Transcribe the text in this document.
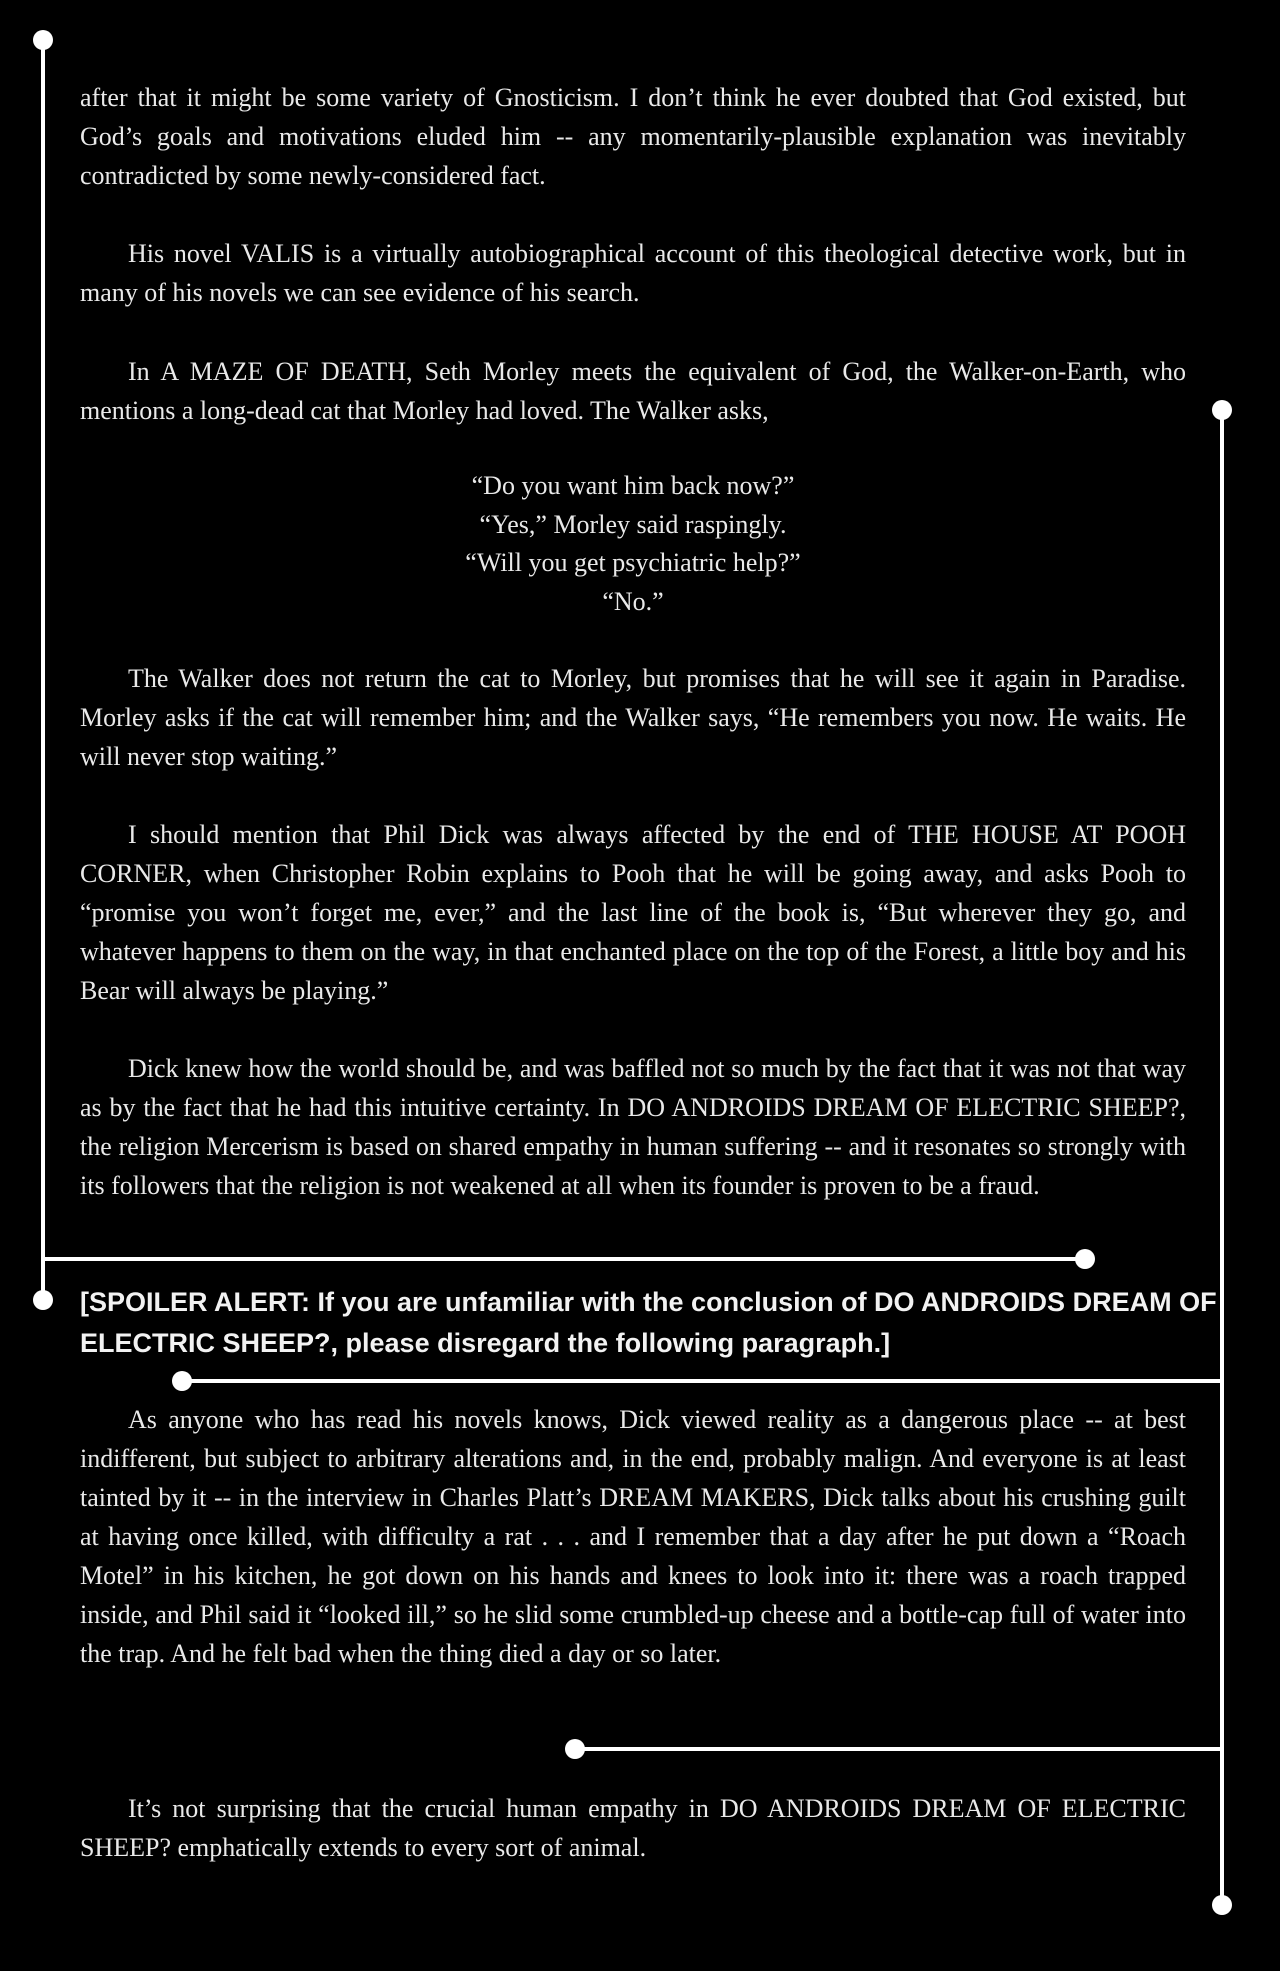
after that it might be some variety of Gnosticism. I don’t think he ever doubted that God existed, but God’s goals and motivations eluded him -- any momentarily-plausible explanation was inevitably contradicted by some newly-considered fact.

His novel VALIS is a virtually autobiographical account of this theological detective work, but in many of his novels we can see evidence of his search.

In A MAZE OF DEATH, Seth Morley meets the equivalent of God, the Walker-on-Earth, who mentions a long-dead cat that Morley had loved. The Walker asks,

“Do you want him back now?”
“Yes,” Morley said raspingly.
“Will you get psychiatric help?”
“No.”

The Walker does not return the cat to Morley, but promises that he will see it again in Paradise. Morley asks if the cat will remember him; and the Walker says, “He remembers you now. He waits. He will never stop waiting.”

I should mention that Phil Dick was always affected by the end of THE HOUSE AT POOH CORNER, when Christopher Robin explains to Pooh that he will be going away, and asks Pooh to “promise you won’t forget me, ever,” and the last line of the book is, “But wherever they go, and whatever happens to them on the way, in that enchanted place on the top of the Forest, a little boy and his Bear will always be playing.”

Dick knew how the world should be, and was baffled not so much by the fact that it was not that way as by the fact that he had this intuitive certainty. In DO ANDROIDS DREAM OF ELECTRIC SHEEP?, the religion Mercerism is based on shared empathy in human suffering -- and it resonates so strongly with its followers that the religion is not weakened at all when its founder is proven to be a fraud.

[SPOILER ALERT: If you are unfamiliar with the conclusion of DO ANDROIDS DREAM OF ELECTRIC SHEEP?, please disregard the following paragraph.]

As anyone who has read his novels knows, Dick viewed reality as a dangerous place -- at best indifferent, but subject to arbitrary alterations and, in the end, probably malign. And everyone is at least tainted by it -- in the interview in Charles Platt’s DREAM MAKERS, Dick talks about his crushing guilt at having once killed, with difficulty a rat . . . and I remember that a day after he put down a “Roach Motel” in his kitchen, he got down on his hands and knees to look into it: there was a roach trapped inside, and Phil said it “looked ill,” so he slid some crumbled-up cheese and a bottle-cap full of water into the trap. And he felt bad when the thing died a day or so later.

It’s not surprising that the crucial human empathy in DO ANDROIDS DREAM OF ELECTRIC SHEEP? emphatically extends to every sort of animal.
